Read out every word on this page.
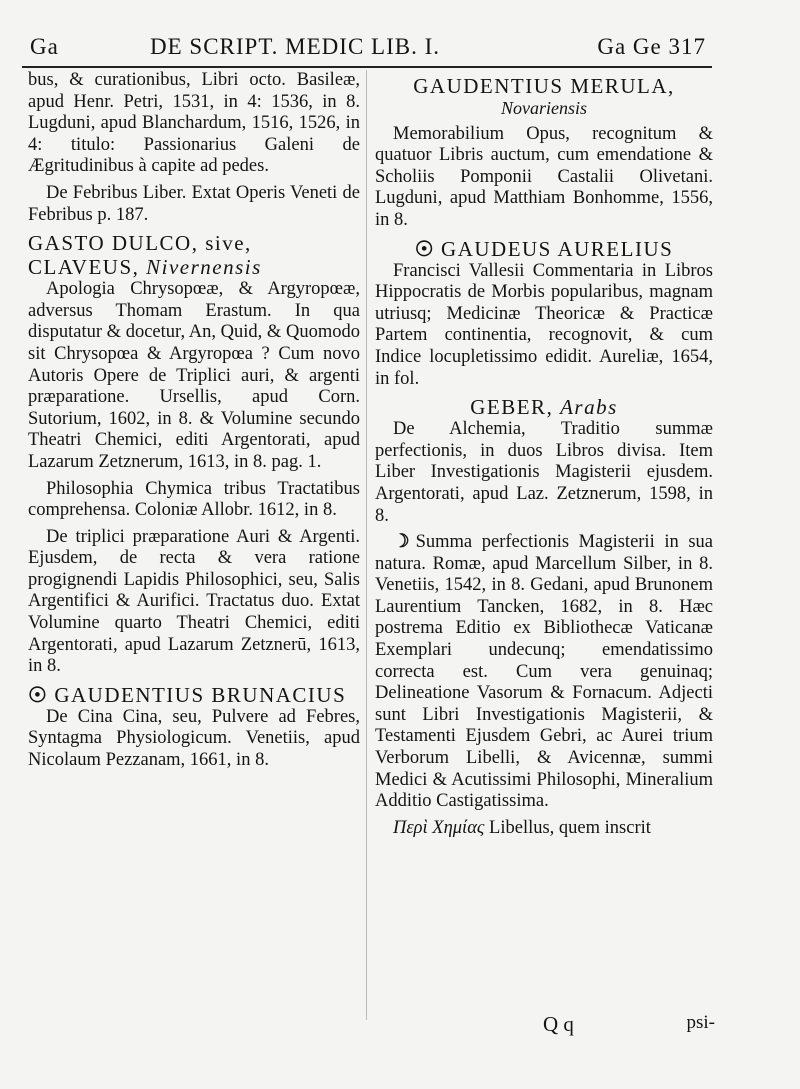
Ga	DE SCRIPT. MEDIC LIB. I.	Ga Ge 317

bus, & curationibus, Libri octo. Basileæ, apud Henr. Petri, 1531, in 4: 1536, in 8. Lugduni, apud Blanchardum, 1516, 1526, in 4: titulo: Passionarius Galeni de Ægritudinibus à capite ad pedes.

De Febribus Liber. Extat Operis Veneti de Febribus p. 187.

GASTO DULCO, sive, CLAVEUS, Nivernensis

Apologia Chrysopœæ, & Argyropœæ, adversus Thomam Erastum. In qua disputatur & docetur, An, Quid, & Quomodo sit Chrysopœa & Argyropœa ? Cum novo Autoris Opere de Triplici auri, & argenti præparatione. Ursellis, apud Corn. Sutorium, 1602, in 8. & Volumine secundo Theatri Chemici, editi Argentorati, apud Lazarum Zetznerum, 1613, in 8. pag. 1.

Philosophia Chymica tribus Tractatibus comprehensa. Coloniæ Allobr. 1612, in 8.

De triplici præparatione Auri & Argenti. Ejusdem, de recta & vera ratione progignendi Lapidis Philosophici, seu, Salis Argentifici & Aurifici. Tractatus duo. Extat Volumine quarto Theatri Chemici, editi Argentorati, apud Lazarum Zetznerū, 1613, in 8.

☉ GAUDENTIUS BRUNACIUS

De Cina Cina, seu, Pulvere ad Febres, Syntagma Physiologicum. Venetiis, apud Nicolaum Pezzanam, 1661, in 8.

GAUDENTIUS MERULA,
Novariensis

Memorabilium Opus, recognitum & quatuor Libris auctum, cum emendatione & Scholiis Pomponii Castalii Olivetani. Lugduni, apud Matthiam Bonhomme, 1556, in 8.

☉ GAUDEUS AURELIUS

Francisci Vallesii Commentaria in Libros Hippocratis de Morbis popularibus, magnam utriusq; Medicinæ Theoricæ & Practicæ Partem continentia, recognovit, & cum Indice locupletissimo edidit. Aureliæ, 1654, in fol.

GEBER, Arabs

De Alchemia, Traditio summæ perfectionis, in duos Libros divisa. Item Liber Investigationis Magisterii ejusdem. Argentorati, apud Laz. Zetznerum, 1598, in 8.

☽ Summa perfectionis Magisterii in sua natura. Romæ, apud Marcellum Silber, in 8. Venetiis, 1542, in 8. Gedani, apud Brunonem Laurentium Tancken, 1682, in 8. Hæc postrema Editio ex Bibliothecæ Vaticanæ Exemplari undecunq; emendatissimo correcta est. Cum vera genuinaq; Delineatione Vasorum & Fornacum. Adjecti sunt Libri Investigationis Magisterii, & Testamenti Ejusdem Gebri, ac Aurei trium Verborum Libelli, & Avicennæ, summi Medici & Acutissimi Philosophi, Mineralium Additio Castigatissima.

Περὶ Χημίας Libellus, quem inscrit

Q q	psi-
